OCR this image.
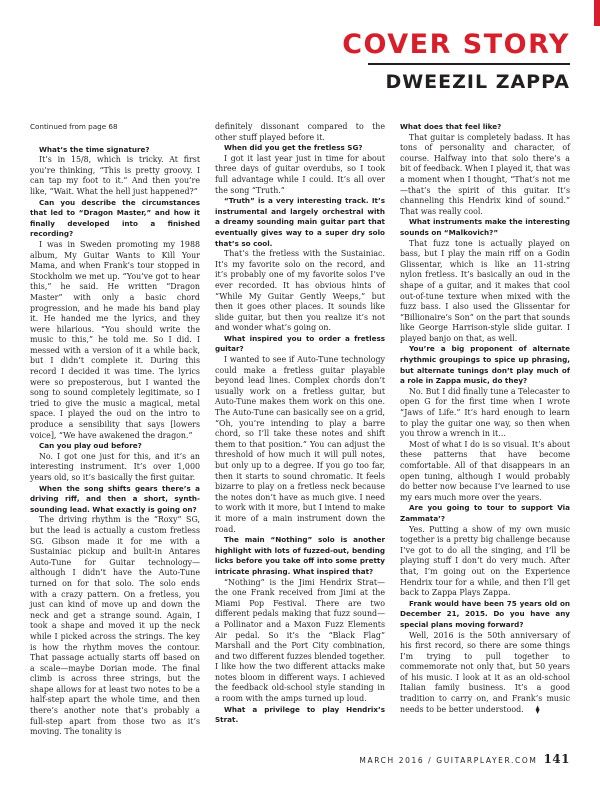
COVER STORY
DWEEZIL ZAPPA

Continued from page 68

What’s the time signature?

It’s in 15/8, which is tricky. At first you’re thinking, “This is pretty groovy. I can tap my foot to it.” And then you’re like, “Wait. What the hell just happened?”

Can you describe the circumstances that led to “Dragon Master,” and how it finally developed into a finished recording?

I was in Sweden promoting my 1988 album, My Guitar Wants to Kill Your Mama, and when Frank’s tour stopped in Stockholm we met up. “You’ve got to hear this,” he said. He written “Dragon Master” with only a basic chord progression, and he made his band play it. He handed me the lyrics, and they were hilarious. “You should write the music to this,” he told me. So I did. I messed with a version of it a while back, but I didn’t complete it. During this record I decided it was time. The lyrics were so preposterous, but I wanted the song to sound completely legitimate, so I tried to give the music a magical, metal space. I played the oud on the intro to produce a sensibility that says [lowers voice], “We have awakened the dragon.”

Can you play oud before?

No. I got one just for this, and it’s an interesting instrument. It’s over 1,000 years old, so it’s basically the first guitar.

When the song shifts gears there’s a driving riff, and then a short, synth-sounding lead. What exactly is going on?

The driving rhythm is the “Roxy” SG, but the lead is actually a custom fretless SG. Gibson made it for me with a Sustainiac pickup and built-in Antares Auto-Tune for Guitar technology—although I didn’t have the Auto-Tune turned on for that solo. The solo ends with a crazy pattern. On a fretless, you just can kind of move up and down the neck and get a strange sound. Again, I took a shape and moved it up the neck while I picked across the strings. The key is how the rhythm moves the contour. That passage actually starts off based on a scale—maybe Dorian mode. The final climb is across three strings, but the shape allows for at least two notes to be a half-step apart the whole time, and then there’s another note that’s probably a full-step apart from those two as it’s moving. The tonality is

definitely dissonant compared to the other stuff played before it.

When did you get the fretless SG?

I got it last year just in time for about three days of guitar overdubs, so I took full advantage while I could. It’s all over the song “Truth.”

“Truth” is a very interesting track. It’s instrumental and largely orchestral with a dreamy sounding main guitar part that eventually gives way to a super dry solo that’s so cool.

That’s the fretless with the Sustainiac. It’s my favorite solo on the record, and it’s probably one of my favorite solos I’ve ever recorded. It has obvious hints of “While My Guitar Gently Weeps,” but then it goes other places. It sounds like slide guitar, but then you realize it’s not and wonder what’s going on.

What inspired you to order a fretless guitar?

I wanted to see if Auto-Tune technology could make a fretless guitar playable beyond lead lines. Complex chords don’t usually work on a fretless guitar, but Auto-Tune makes them work on this one. The Auto-Tune can basically see on a grid, “Oh, you’re intending to play a barre chord, so I’ll take these notes and shift them to that position.” You can adjust the threshold of how much it will pull notes, but only up to a degree. If you go too far, then it starts to sound chromatic. It feels bizarre to play on a fretless neck because the notes don’t have as much give. I need to work with it more, but I intend to make it more of a main instrument down the road.

The main “Nothing” solo is another highlight with lots of fuzzed-out, bending licks before you take off into some pretty intricate phrasing. What inspired that?

“Nothing” is the Jimi Hendrix Strat—the one Frank received from Jimi at the Miami Pop Festival. There are two different pedals making that fuzz sound—a Pollinator and a Maxon Fuzz Elements Air pedal. So it’s the “Black Flag” Marshall and the Port City combination, and two different fuzzes blended together. I like how the two different attacks make notes bloom in different ways. I achieved the feedback old-school style standing in a room with the amps turned up loud.

What a privilege to play Hendrix’s Strat.

What does that feel like?

That guitar is completely badass. It has tons of personality and character, of course. Halfway into that solo there’s a bit of feedback. When I played it, that was a moment when I thought, “That’s not me—that’s the spirit of this guitar. It’s channeling this Hendrix kind of sound.” That was really cool.

What instruments make the interesting sounds on “Malkovich?”

That fuzz tone is actually played on bass, but I play the main riff on a Godin Glissentar, which is like an 11-string nylon fretless. It’s basically an oud in the shape of a guitar, and it makes that cool out-of-tune texture when mixed with the fuzz bass. I also used the Glissentar for “Billionaire’s Son” on the part that sounds like George Harrison-style slide guitar. I played banjo on that, as well.

You’re a big proponent of alternate rhythmic groupings to spice up phrasing, but alternate tunings don’t play much of a role in Zappa music, do they?

No. But I did finally tune a Telecaster to open G for the first time when I wrote “Jaws of Life.” It’s hard enough to learn to play the guitar one way, so then when you throw a wrench in it…

Most of what I do is so visual. It’s about these patterns that have become comfortable. All of that disappears in an open tuning, although I would probably do better now because I’ve learned to use my ears much more over the years.

Are you going to tour to support Via Zammata’?

Yes. Putting a show of my own music together is a pretty big challenge because I’ve got to do all the singing, and I’ll be playing stuff I don’t do very much. After that, I’m going out on the Experience Hendrix tour for a while, and then I’ll get back to Zappa Plays Zappa.

Frank would have been 75 years old on December 21, 2015. Do you have any special plans moving forward?

Well, 2016 is the 50th anniversary of his first record, so there are some things I’m trying to pull together to commemorate not only that, but 50 years of his music. I look at it as an old-school Italian family business. It’s a good tradition to carry on, and Frank’s music needs to be better understood. ⧫

MARCH 2016 / GUITARPLAYER.COM 141
